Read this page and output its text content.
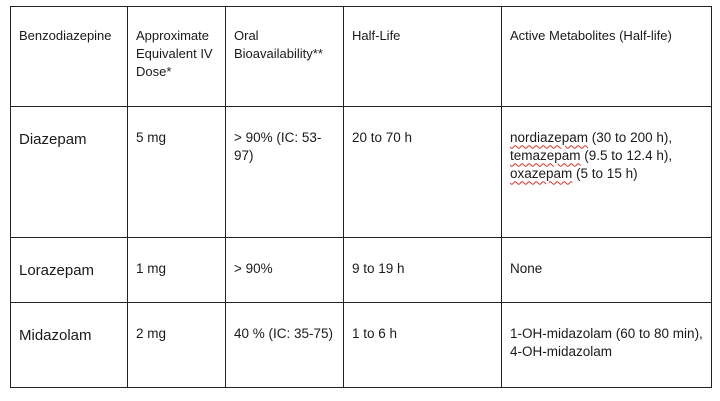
Benzodiazepine	Approximate Equivalent IV Dose*	Oral Bioavailability**	Half-Life	Active Metabolites (Half-life)

Diazepam	5 mg	> 90% (IC: 53-97)	20 to 70 h	nordiazepam (30 to 200 h),
temazepam (9.5 to 12.4 h),
oxazepam (5 to 15 h)

Lorazepam	1 mg	> 90%	9 to 19 h	None

Midazolam	2 mg	40 % (IC: 35-75)	1 to 6 h	1-OH-midazolam (60 to 80 min),
4-OH-midazolam
